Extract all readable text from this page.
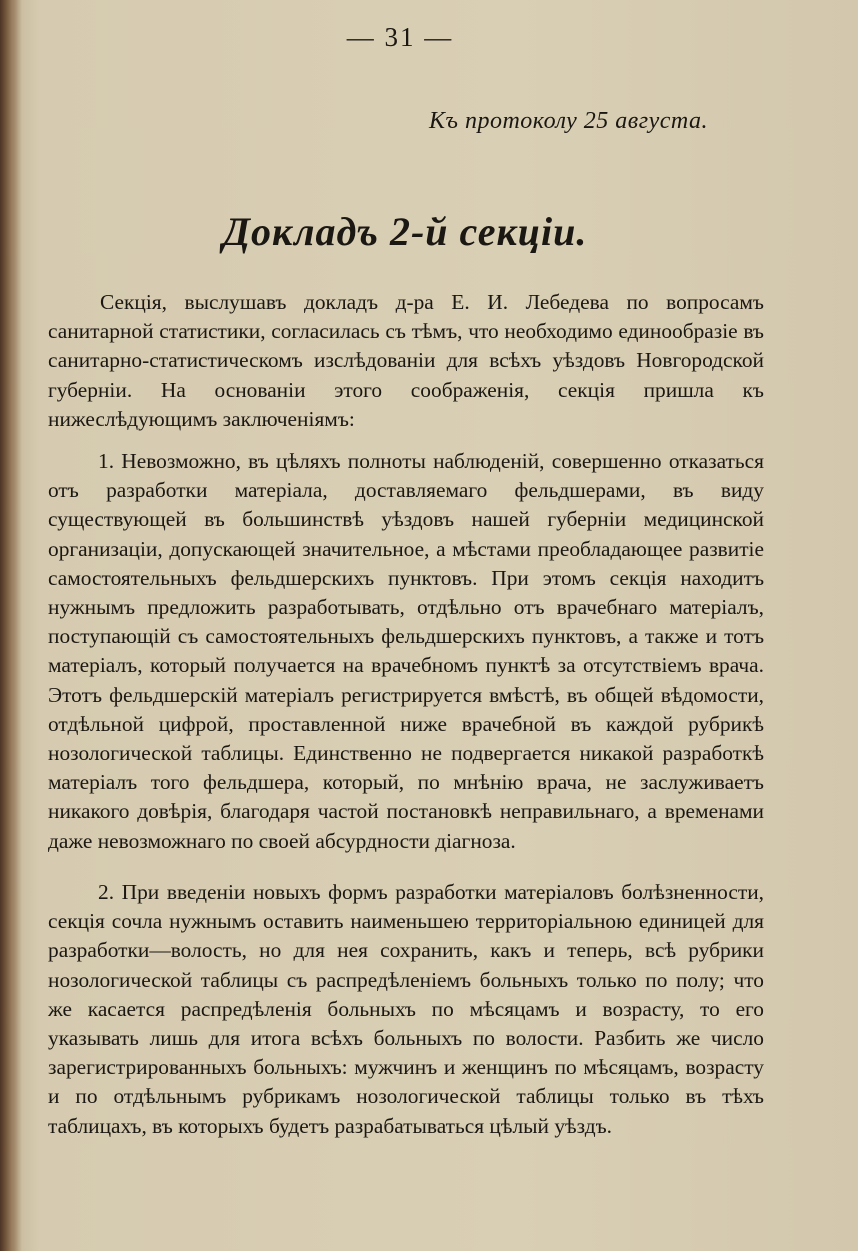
— 31 —
Къ протоколу 25 августа.
Докладъ 2-й секціи.
Секція, выслушавъ докладъ д-ра Е. И. Лебедева по вопросамъ санитарной статистики, согласилась съ тѣмъ, что необходимо единообразіе въ санитарно-статистическомъ изслѣдованіи для всѣхъ уѣздовъ Новгородской губерніи. На основаніи этого соображенія, секція пришла къ нижеслѣдующимъ заключеніямъ:
1. Невозможно, въ цѣляхъ полноты наблюденій, совершенно отказаться отъ разработки матеріала, доставляемаго фельдшерами, въ виду существующей въ большинствѣ уѣздовъ нашей губерніи медицинской организаціи, допускающей значительное, а мѣстами преобладающее развитіе самостоятельныхъ фельдшерскихъ пунктовъ. При этомъ секція находитъ нужнымъ предложить разработывать, отдѣльно отъ врачебнаго матеріалъ, поступающій съ самостоятельныхъ фельдшерскихъ пунктовъ, а также и тотъ матеріалъ, который получается на врачебномъ пунктѣ за отсутствіемъ врача. Этотъ фельдшерскій матеріалъ регистрируется вмѣстѣ, въ общей вѣдомости, отдѣльной цифрой, проставленной ниже врачебной въ каждой рубрикѣ нозологической таблицы. Единственно не подвергается никакой разработкѣ матеріалъ того фельдшера, который, по мнѣнію врача, не заслуживаетъ никакого довѣрія, благодаря частой постановкѣ неправильнаго, а временами даже невозможнаго по своей абсурдности діагноза.
2. При введеніи новыхъ формъ разработки матеріаловъ болѣзненности, секція сочла нужнымъ оставить наименьшею территоріальною единицей для разработки—волость, но для нея сохранить, какъ и теперь, всѣ рубрики нозологической таблицы съ распредѣленіемъ больныхъ только по полу; что же касается распредѣленія больныхъ по мѣсяцамъ и возрасту, то его указывать лишь для итога всѣхъ больныхъ по волости. Разбить же число зарегистрированныхъ больныхъ: мужчинъ и женщинъ по мѣсяцамъ, возрасту и по отдѣльнымъ рубрикамъ нозологической таблицы только въ тѣхъ таблицахъ, въ которыхъ будетъ разрабатываться цѣлый уѣздъ.
